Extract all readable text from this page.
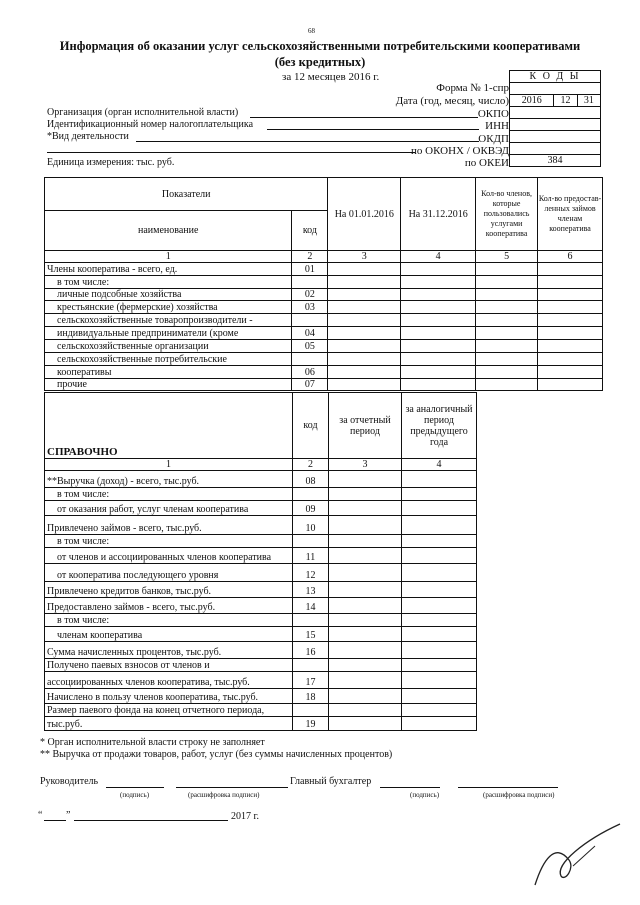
68
Информация об оказании услуг сельскохозяйственными потребительскими кооперативами
(без кредитных)
за 12 месяцев 2016 г.	К О Д Ы

2016	12	31

384
Форма № 1-спр
Дата (год, месяц, число)
ОКПО
ИНН
ОКДП
по ОКОНХ / ОКВЭД
по ОКЕИ
Организация (орган исполнительной власти)
Идентификационный номер налогоплательщика
*Вид деятельности
Единица измерения: тыс. руб.
Показатели		На 01.01.2016	На 31.12.2016	Кол-во членов, которые пользовались услугами кооператива	Кол-во предостав-ленных займов членам кооператива
наименование	код				
1	2	3	4	5	6
Члены кооператива - всего, ед.	01				
в том числе:					
личные подсобные хозяйства	02				
крестьянские (фермерские) хозяйства	03				
сельскохозяйственные товаропроизводители -					
индивидуальные предприниматели (кроме	04				
сельскохозяйственные организации	05				
сельскохозяйственные потребительские					
кооперативы	06				
прочие	07				
СПРАВОЧНО	код	за отчетный период	за аналогичный период предыдущего года
1	2	3	4
**Выручка (доход) - всего, тыс.руб.	08		
в том числе:			
от оказания работ, услуг членам кооператива	09		
Привлечено займов - всего, тыс.руб.	10		
в том числе:			
от членов и ассоциированных членов кооператива	11		
от кооператива последующего уровня	12		
Привлечено кредитов банков, тыс.руб.	13		
Предоставлено займов - всего, тыс.руб.	14		
в том числе:			
членам кооператива	15		
Сумма начисленных процентов, тыс.руб.	16		
Получено паевых взносов от членов и			
ассоциированных членов кооператива, тыс.руб.	17		
Начислено в пользу членов кооператива, тыс.руб.	18		
Размер паевого фонда на конец отчетного периода,			
тыс.руб.	19		
* Орган исполнительной власти строку не заполняет
** Выручка от продажи товаров, работ, услуг (без суммы начисленных процентов)
Руководитель	Главный бухгалтер
(подпись)	(расшифровка подписи)	(подпись)	(расшифровка подписи)
“ ”	2017 г.
